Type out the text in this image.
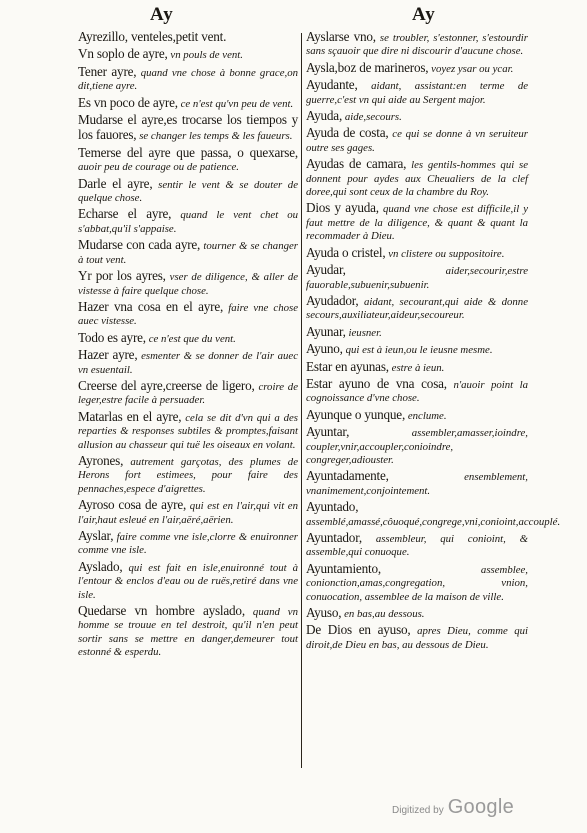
Ay	Ay
Ayrezillo, venteles,petit vent.
Vn soplo de ayre, vn pouls de vent.
Tener ayre, quand vne chose à bonne grace,on dit,tiene ayre.
Es vn poco de ayre, ce n'est qu'vn peu de vent.
Mudarse el ayre,es trocarse los tiempos y los fauores, se changer les temps & les faueurs.
Temerse del ayre que passa, o quexarse, auoir peu de courage ou de patience.
Darle el ayre, sentir le vent & se douter de quelque chose.
Echarse el ayre, quand le vent chet ou s'abbat,qu'il s'appaise.
Mudarse con cada ayre, tourner & se changer à tout vent.
Yr por los ayres, vser de diligence, & aller de vistesse à faire quelque chose.
Hazer vna cosa en el ayre, faire vne chose auec vistesse.
Todo es ayre, ce n'est que du vent.
Hazer ayre, esmenter & se donner de l'air auec vn esuentail.
Creerse del ayre,creerse de ligero, croire de leger,estre facile à persuader.
Matarlas en el ayre, cela se dit d'vn qui a des reparties & responses subtiles & promptes,faisant allusion au chasseur qui tuë les oiseaux en volant.
Ayrones, autrement garçotas, des plumes de Herons fort estimees, pour faire des pennaches,espece d'aigrettes.
Ayroso cosa de ayre, qui est en l'air,qui vit en l'air,haut esleué en l'air,aëré,aërien.
Ayslar, faire comme vne isle,clorre & enuironner comme vne isle.
Ayslado, qui est fait en isle,enuironné tout à l'entour & enclos d'eau ou de ruës,retiré dans vne isle.
Quedarse vn hombre ayslado, quand vn homme se trouue en tel destroit, qu'il n'en peut sortir sans se mettre en danger,demeurer tout estonné & esperdu.
Ayslarse vno, se troubler, s'estonner, s'estourdir sans sçauoir que dire ni discourir d'aucune chose.
Aysla,boz de marineros, voyez ysar ou ycar.
Ayudante, aidant, assistant:en terme de guerre,c'est vn qui aide au Sergent major.
Ayuda, aide,secours.
Ayuda de costa, ce qui se donne à vn seruiteur outre ses gages.
Ayudas de camara, les gentils-hommes qui se donnent pour aydes aux Cheualiers de la clef doree,qui sont ceux de la chambre du Roy.
Dios y ayuda, quand vne chose est difficile,il y faut mettre de la diligence, & quant & quant la recommader à Dieu.
Ayuda o cristel, vn clistere ou suppositoire.
Ayudar,	aider,secourir,estre fauorable,subuenir,subuenir.
Ayudador, aidant, secourant,qui aide & donne secours,auxiliateur,aideur,secoureur.
Ayunar, ieusner.
Ayuno, qui est à ieun,ou le ieusne mesme.
Estar en ayunas, estre à ieun.
Estar ayuno de vna cosa, n'auoir point la cognoissance d'vne chose.
Ayunque o yunque, enclume.
Ayuntar,	assembler,amasser,ioindre, coupler,vnir,accoupler,conioindre, congreger,adiouster.
Ayuntadamente,	ensemblement, vnanimement,conjointement.
Ayuntado, assemblé,amassé,côuoqué,congrege,vni,conioint,accouplé.
Ayuntador, assembleur, qui conioint, & assemble,qui conuoque.
Ayuntamiento,	assemblee, conionction,amas,congregation, vnion, conuocation, assemblee de la maison de ville.
Ayuso, en bas,au dessous.
De Dios en ayuso, apres Dieu, comme qui diroit,de Dieu en bas, au dessous de Dieu.
Digitized by Google
